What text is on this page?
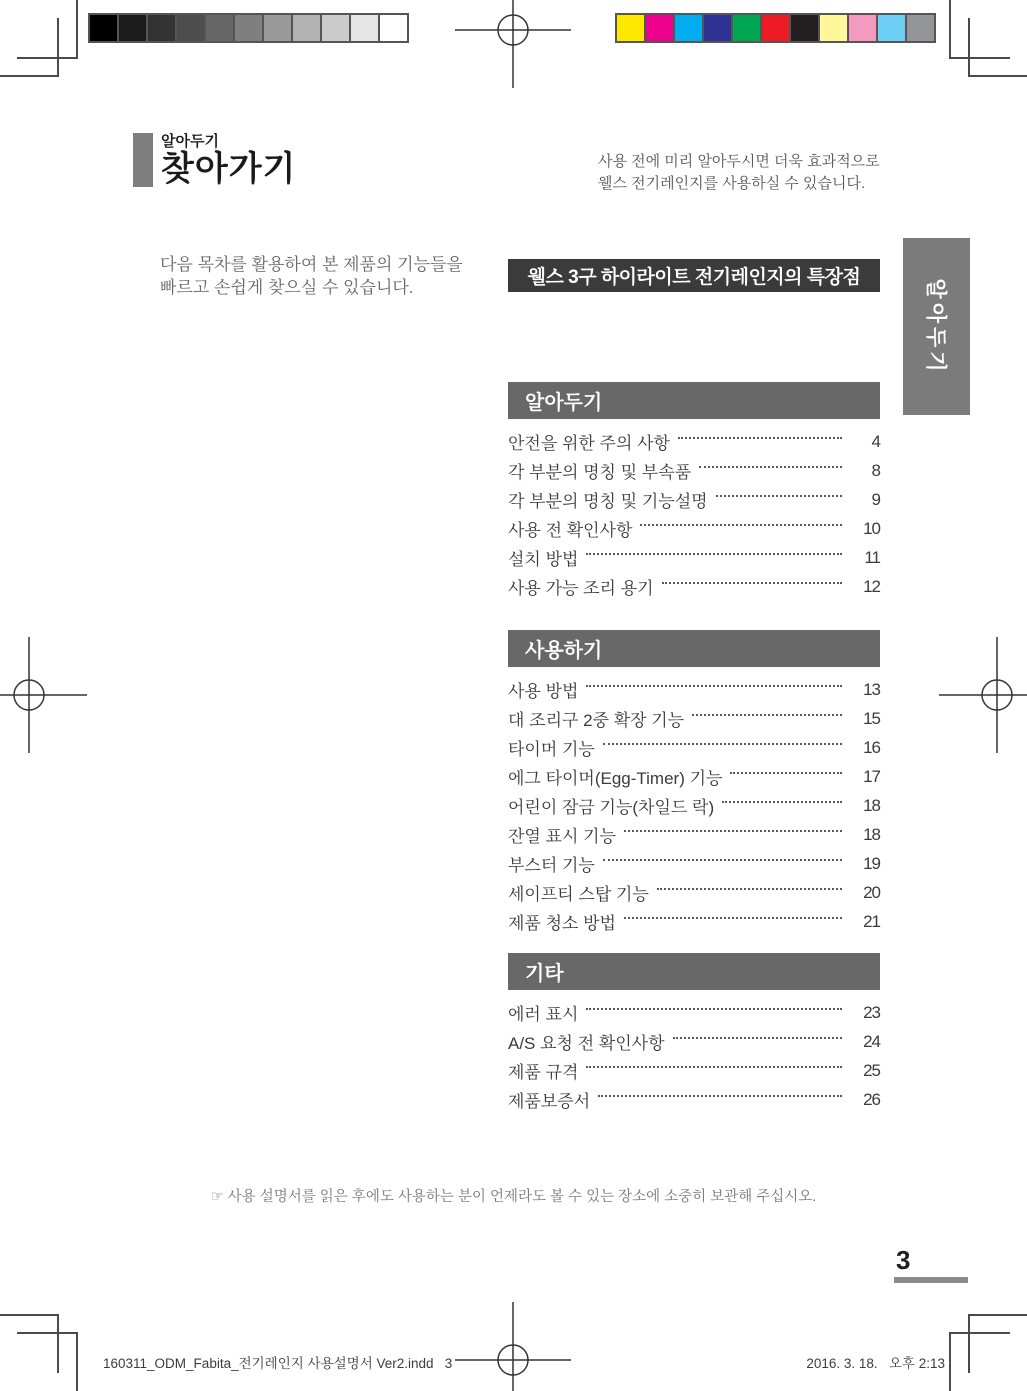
알아두기
찾아가기	사용 전에 미리 알아두시면 더욱 효과적으로
웰스 전기레인지를 사용하실 수 있습니다.
다음 목차를 활용하여 본 제품의 기능들을
빠르고 손쉽게 찾으실 수 있습니다.	웰스 3구 하이라이트 전기레인지의 특장점
알아두기
알아두기
안전을 위한 주의 사항	4
각 부분의 명칭 및 부속품	8
각 부분의 명칭 및 기능설명	9
사용 전 확인사항	10
설치 방법	11
사용 가능 조리 용기	12
사용하기
사용 방법	13
대 조리구 2중 확장 기능	15
타이머 기능	16
에그 타이머(Egg-Timer) 기능	17
어린이 잠금 기능(차일드 락)	18
잔열 표시 기능	18
부스터 기능	19
세이프티 스탑 기능	20
제품 청소 방법	21
기타
에러 표시	23
A/S 요청 전 확인사항	24
제품 규격	25
제품보증서	26
☞ 사용 설명서를 읽은 후에도 사용하는 분이 언제라도 볼 수 있는 장소에 소중히 보관해 주십시오.
3
160311_ODM_Fabita_전기레인지 사용설명서 Ver2.indd   3	2016. 3. 18.   오후 2:13
